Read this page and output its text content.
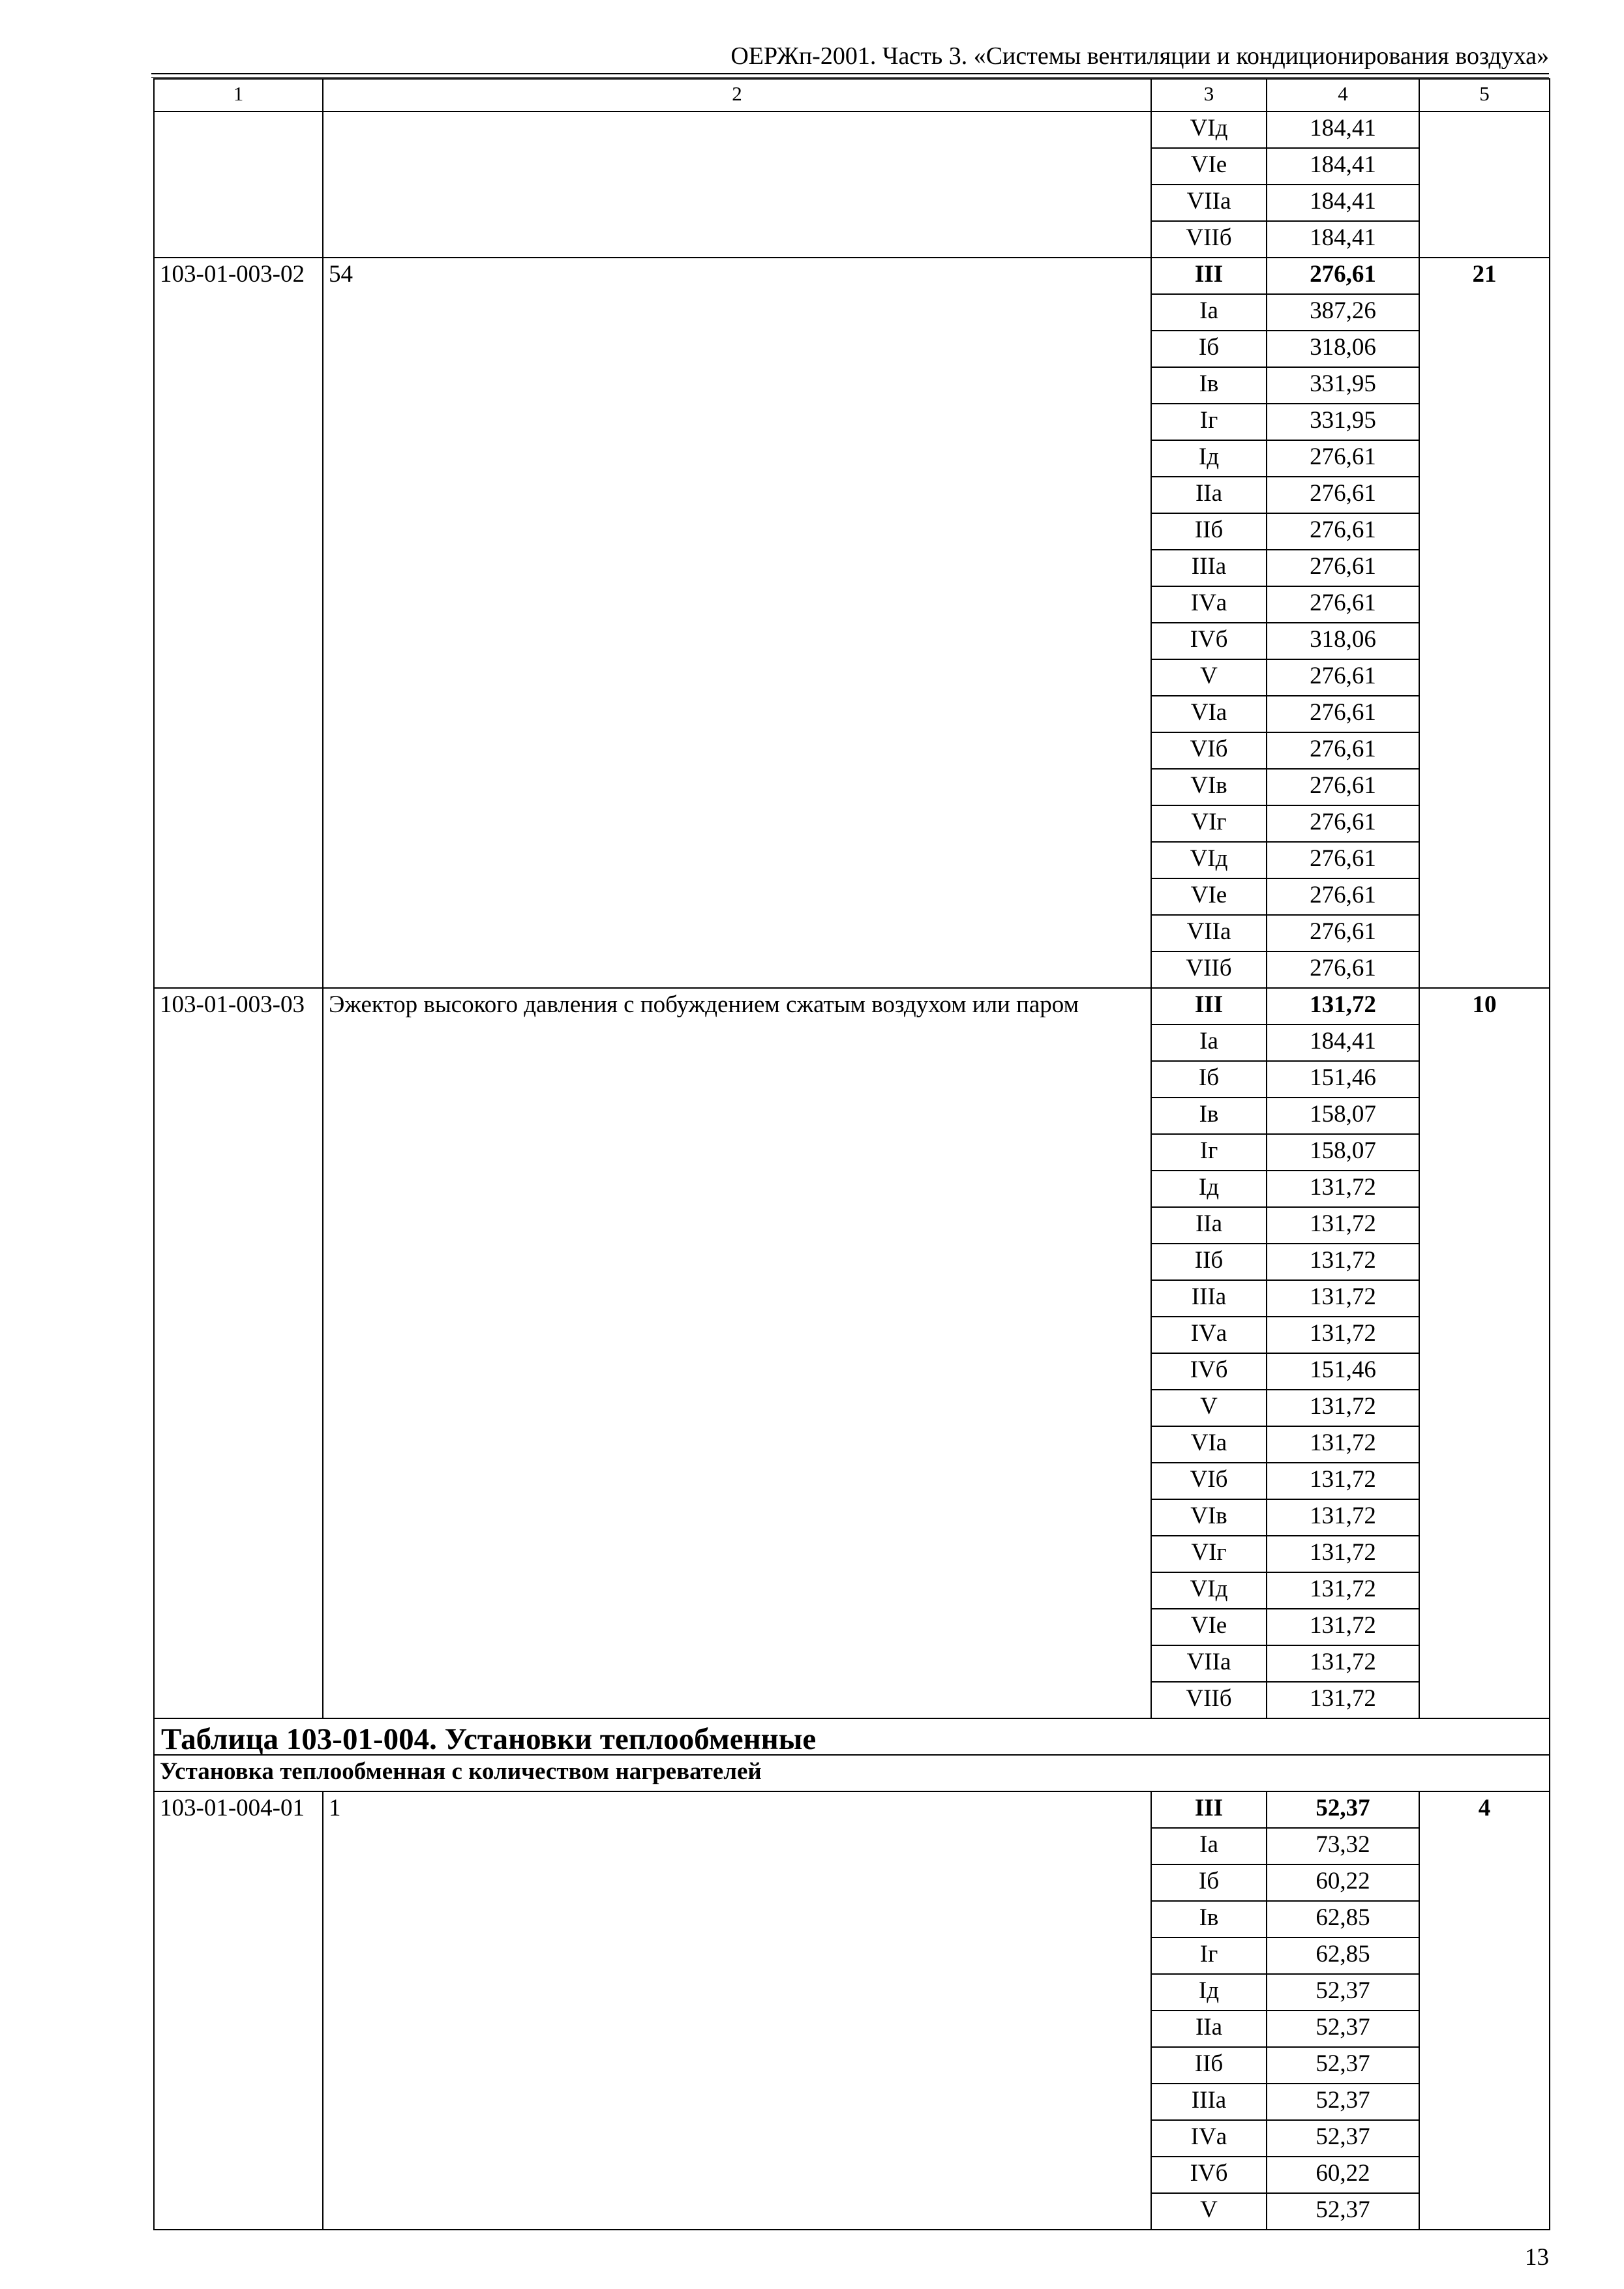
ОЕРЖп-2001. Часть 3. «Системы вентиляции и кондиционирования воздуха»
1	2	3	4	5
		VIд	184,41	
		VIе	184,41	
		VIIа	184,41	
		VIIб	184,41	
103-01-003-02	54	III	276,61	21
		Iа	387,26	
		Iб	318,06	
		Iв	331,95	
		Iг	331,95	
		Iд	276,61	
		IIа	276,61	
		IIб	276,61	
		IIIа	276,61	
		IVа	276,61	
		IVб	318,06	
		V	276,61	
		VIа	276,61	
		VIб	276,61	
		VIв	276,61	
		VIг	276,61	
		VIд	276,61	
		VIе	276,61	
		VIIа	276,61	
		VIIб	276,61	
103-01-003-03	Эжектор высокого давления с побуждением сжатым воздухом или паром	III	131,72	10
		Iа	184,41	
		Iб	151,46	
		Iв	158,07	
		Iг	158,07	
		Iд	131,72	
		IIа	131,72	
		IIб	131,72	
		IIIа	131,72	
		IVа	131,72	
		IVб	151,46	
		V	131,72	
		VIа	131,72	
		VIб	131,72	
		VIв	131,72	
		VIг	131,72	
		VIд	131,72	
		VIе	131,72	
		VIIа	131,72	
		VIIб	131,72	

Таблица 103-01-004. Установки теплообменные				

Установка теплообменная с количеством нагревателей				
103-01-004-01	1	III	52,37	4
		Iа	73,32	
		Iб	60,22	
		Iв	62,85	
		Iг	62,85	
		Iд	52,37	
		IIа	52,37	
		IIб	52,37	
		IIIа	52,37	
		IVа	52,37	
		IVб	60,22	
		V	52,37	
13
